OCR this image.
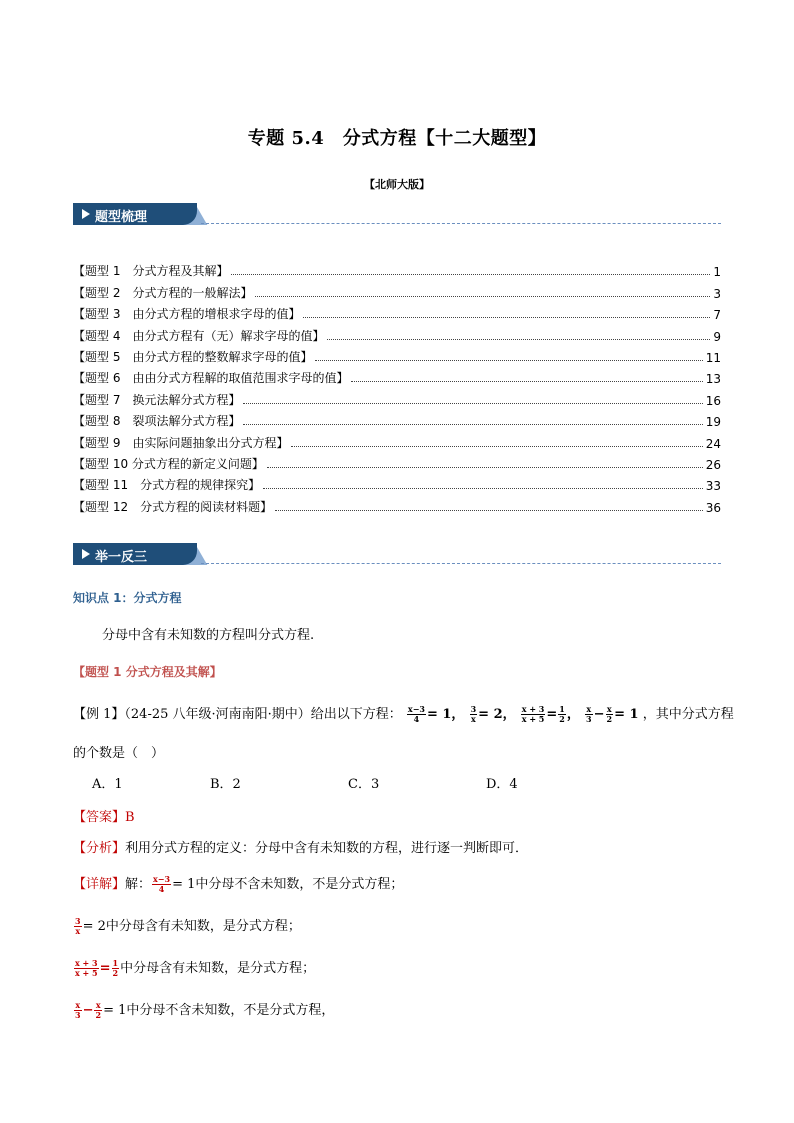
专题 5.4　分式方程【十二大题型】
【北师大版】
题型梳理
【题型 1　分式方程及其解】	1
【题型 2　分式方程的一般解法】	3
【题型 3　由分式方程的增根求字母的值】	7
【题型 4　由分式方程有（无）解求字母的值】	9
【题型 5　由分式方程的整数解求字母的值】	11
【题型 6　由由分式方程解的取值范围求字母的值】	13
【题型 7　换元法解分式方程】	16
【题型 8　裂项法解分式方程】	19
【题型 9　由实际问题抽象出分式方程】	24
【题型 10 分式方程的新定义问题】	26
【题型 11　分式方程的规律探究】	33
【题型 12　分式方程的阅读材料题】	36
举一反三
知识点 1：分式方程
分母中含有未知数的方程叫分式方程.
【题型 1 分式方程及其解】
【例 1】（24-25 八年级·河南南阳·期中）给出以下方程： $\frac{x-3}{4} = 1$， $\frac{3}{x} = 2$， $\frac{x + 3}{x + 5} = \frac{1}{2}$ ， $\frac{x}{3} - \frac{x}{2} = 1$ ，其中分式方程
的个数是（　）
A．1	B．2	C．3	D．4
【答案】B
【分析】利用分式方程的定义：分母中含有未知数的方程，进行逐一判断即可．
【详解】解： $\frac{x-3}{4} = 1$中分母不含未知数，不是分式方程；
$\frac{3}{x} = 2$中分母含有未知数，是分式方程；
$\frac{x + 3}{x + 5} = \frac{1}{2}$ 中分母含有未知数，是分式方程；
$\frac{x}{3} - \frac{x}{2} = 1$中分母不含未知数，不是分式方程，
